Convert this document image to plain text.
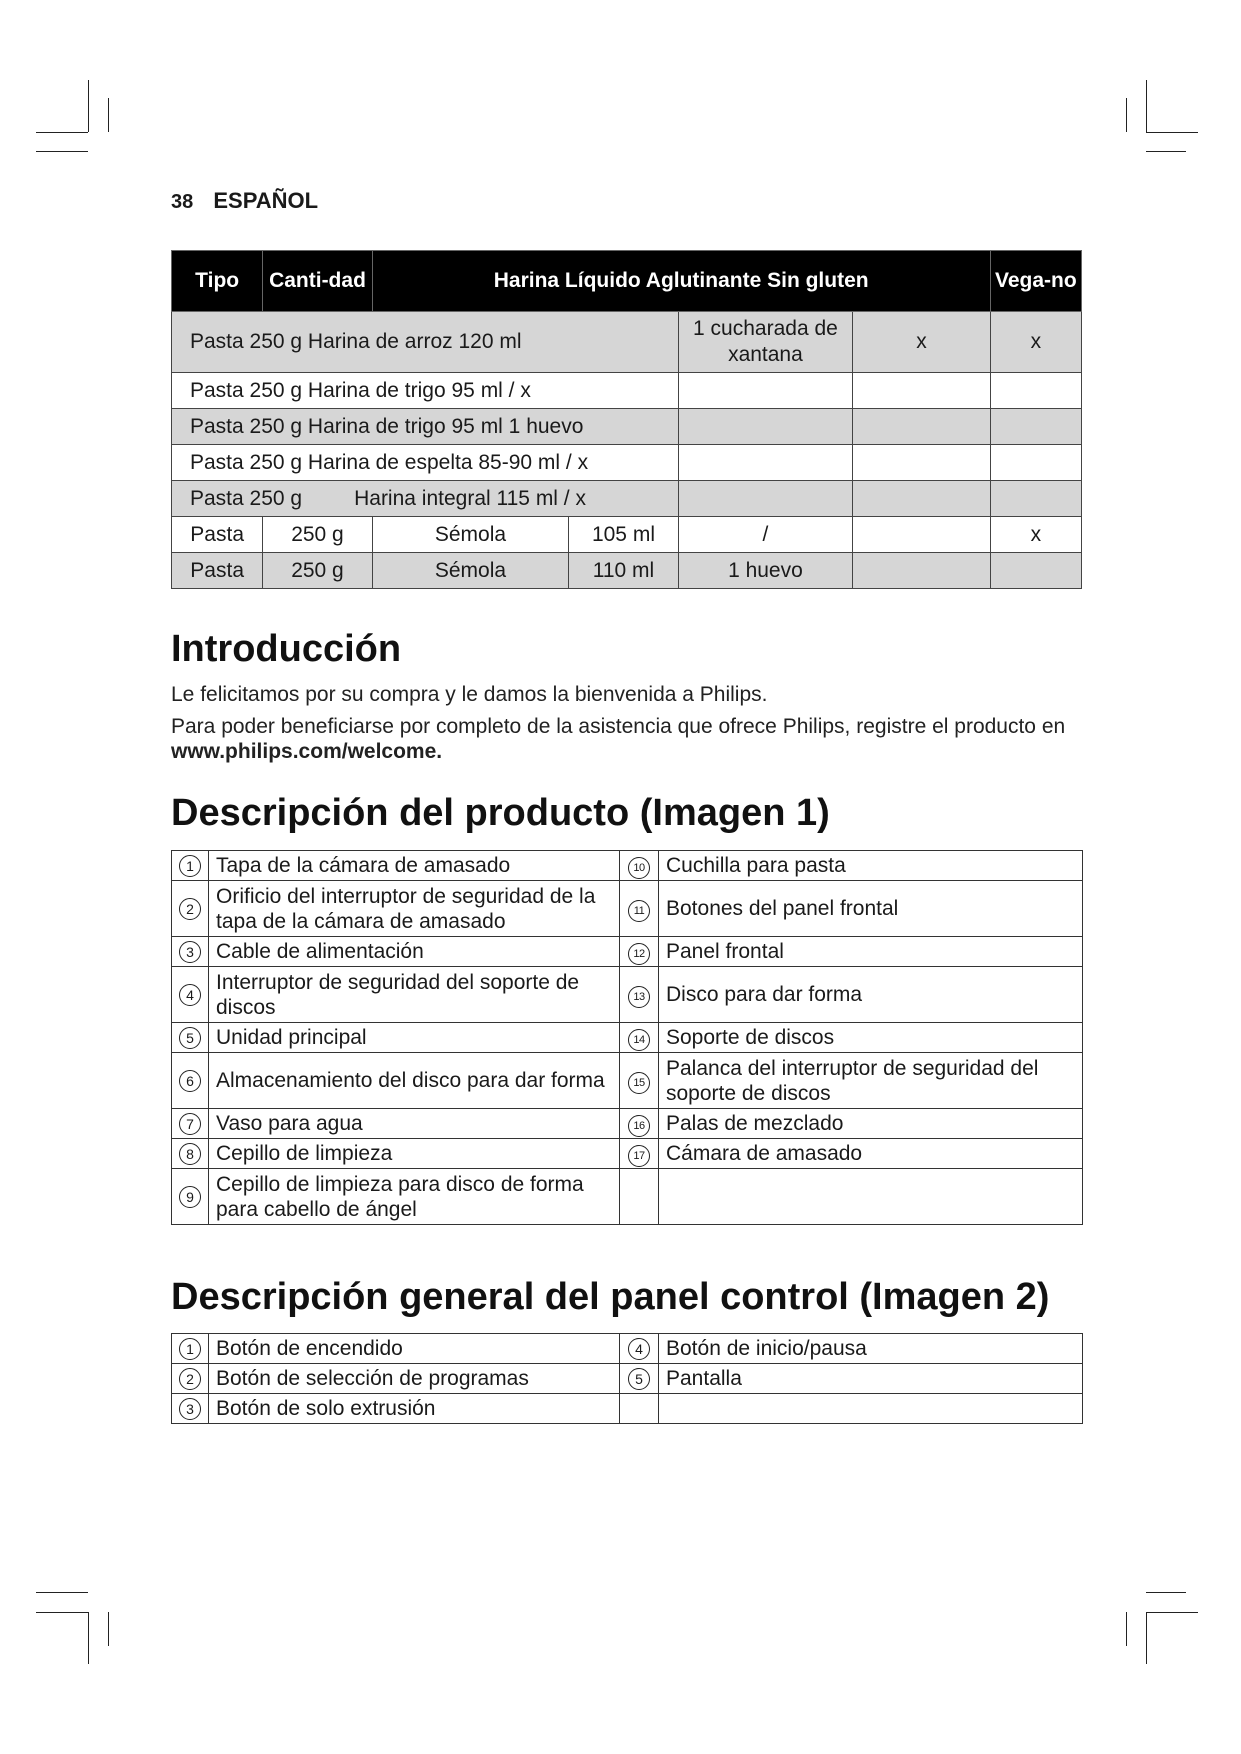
38 ESPAÑOL
Tipo	Canti-dad	Harina Líquido Aglutinante Sin gluten				Vega-no
Pasta 250 g Harina de arroz 120 ml				1 cucharada de xantana	x	x
Pasta 250 g Harina de trigo 95 ml / x						
Pasta 250 g Harina de trigo 95 ml 1 huevo						
Pasta 250 g Harina de espelta 85-90 ml / x						
Pasta 250 g Harina integral 115 ml / x						
Pasta	250 g	Sémola	105 ml	/		x
Pasta	250 g	Sémola	110 ml	1 huevo		
Introducción

Le felicitamos por su compra y le damos la bienvenida a Philips.

Para poder beneficiarse por completo de la asistencia que ofrece Philips, registre el producto en www.philips.com/welcome.

Descripción del producto (Imagen 1)
1	Tapa de la cámara de amasado	10	Cuchilla para pasta
2	Orificio del interruptor de seguridad de la tapa de la cámara de amasado	11	Botones del panel frontal
3	Cable de alimentación	12	Panel frontal
4	Interruptor de seguridad del soporte de discos	13	Disco para dar forma
5	Unidad principal	14	Soporte de discos
6	Almacenamiento del disco para dar forma	15	Palanca del interruptor de seguridad del soporte de discos
7	Vaso para agua	16	Palas de mezclado
8	Cepillo de limpieza	17	Cámara de amasado
9	Cepillo de limpieza para disco de forma para cabello de ángel		
Descripción general del panel control (Imagen 2)
1	Botón de encendido	4	Botón de inicio/pausa
2	Botón de selección de programas	5	Pantalla
3	Botón de solo extrusión		
